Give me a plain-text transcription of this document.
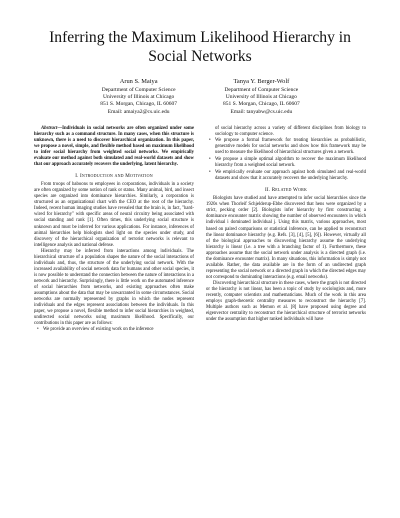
Inferring the Maximum Likelihood Hierarchy in Social Networks
Arun S. Maiya
Department of Computer Science
University of Illinois at Chicago
851 S. Morgan, Chicago, IL 60607
Email: amaiya2@cs.uic.edu
Tanya Y. Berger-Wolf
Department of Computer Science
University of Illinois at Chicago
851 S. Morgan, Chicago, IL 60607
Email: tanyabw@cs.uic.edu

Abstract—Individuals in social networks are often organized under some hierarchy such as a command structure. In many cases, when this structure is unknown, there is a need to discover hierarchical organization. In this paper, we propose a novel, simple, and flexible method based on maximum likelihood to infer social hierarchy from weighted social networks. We empirically evaluate our method against both simulated and real-world datasets and show that our approach accurately recovers the underlying, latent hierarchy.

I. Introduction and Motivation

From troops of baboons to employees in corporations, individuals in a society are often organized by some notion of rank or status. Many animal, bird, and insect species are organized into dominance hierarchies. Similarly, a corporation is structured as an organizational chart with the CEO at the root of the hierarchy. Indeed, recent human imaging studies have revealed that the brain is, in fact, "hard-wired for hierarchy" with specific areas of neural circuitry being associated with social standing and rank [1]. Often times, this underlying social structure is unknown and must be inferred for various applications. For instance, inferences of animal hierarchies help biologists shed light on the species under study, and discovery of the hierarchical organization of terrorist networks is relevant to intelligence analysis and national defense.

Hierarchy may be inferred from interactions among individuals. The hierarchical structure of a population shapes the nature of the social interactions of individuals and, thus, the structure of the underlying social network. With the increased availability of social network data for humans and other social species, it is now possible to understand the connection between the nature of interactions in a network and hierarchy. Surprisingly, there is little work on the automated inference of social hierarchies from networks, and existing approaches often make assumptions about the data that may be unwarranted in some circumstances. Social networks are normally represented by graphs in which the nodes represent individuals and the edges represent associations between the individuals. In this paper, we propose a novel, flexible method to infer social hierarchies in weighted, undirected social networks using maximum likelihood. Specifically, our contributions in this paper are as follows:

• We provide an overview of existing work on the inference

of social hierarchy across a variety of different disciplines from biology to sociology to computer science.

• We propose a formal framework for treating hierarchies as probabilistic, generative models for social networks and show how this framework may be used to measure the likelihood of hierarchical structures given a network.
• We propose a simple optimal algorithm to recover the maximum likelihood hierarchy from a weighted social network.
• We empirically evaluate our approach against both simulated and real-world datasets and show that it accurately recovers the underlying hierarchy.
II. Related Work

Biologists have studied and have attempted to infer social hierarchies since the 1920s when Thorleif Schjelderup-Ebbe discovered that hens were organized by a strict, pecking order [2]. Biologists infer hierarchy by first constructing a dominance encounter matrix showing the number of observed encounters in which individual i dominated individual j. Using this matrix, various approaches, most based on paired comparisons or statistical inference, can be applied to reconstruct the linear dominance hierarchy (e.g. Refs. [3], [4], [5], [6]). However, virtually all of the biological approaches to discovering hierarchy assume the underlying hierarchy is linear (i.e. a tree with a branching factor of 1). Furthermore, these approaches assume that the social network under analysis is a directed graph (i.e. the dominance encounter matrix). In many situations, this information is simply not available. Rather, the data available are in the form of an undirected graph representing the social network or a directed graph in which the directed edges may not correspond to dominating interactions (e.g. email networks).

Discovering hierarchical structure in these cases, where the graph is not directed or the hierarchy is not linear, has been a topic of study by sociologists and, more recently, computer scientists and mathematicians. Much of the work in this area employs graph-theoretic centrality measures to reconstruct the hierarchy [7]. Multiple authors such as Memon et al. [8] have proposed using degree and eigenvector centrality to reconstruct the hierarchical structure of terrorist networks under the assumption that higher ranked individuals will have
